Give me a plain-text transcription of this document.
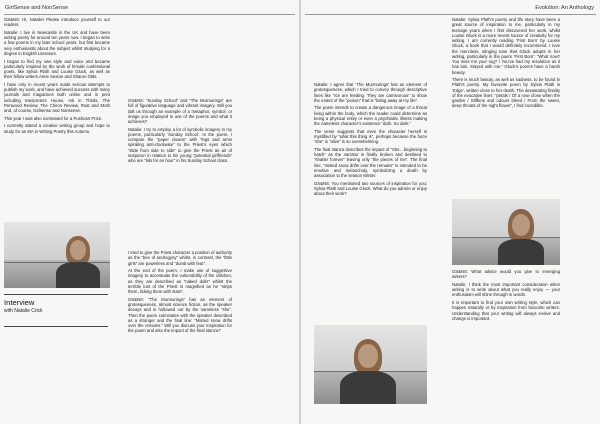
GirlSense and NonSense

GS&NS: Hi, Natalie! Please introduce yourself to our readers.

Natalie: I live in Newcastle in the UK and have been writing poetry for around ten years now. I began to write a few poems in my later school years, but first became very enthusiastic about the subject whilst studying for a degree in English Literature.

I began to find my own style and voice and became particularly inspired by the work of female confessional poets, like Sylvia Plath and Louise Gluck, as well as their fellow writers Anne Sexton and Sharon Olds.

I have only in recent years made serious attempts to publish my work, and have achieved success with many journals and magazines both online and in print including Interpreters House, Ink in Thirds, The Penwood Review, The Chiron Review, Rust and Moth and, of course, Girlsense and Nonsense.

This year I was also nominated for a Pushcart Prize.

I currently attend a creative writing group and hope to study for an MA in Writing Poetry this Autumn.

Interview
with Natalie Crick

GS&NS: “Sunday School” and “The Murmurings” are full of figurative language and vibrant imagery. Will you talk us through an example of a metaphor, symbol, or image you employed in one of the poems and what it achieves?

Natalie: I try to employ a lot of symbolic imagery in my poems, particularly ‘Sunday School’. In the poem, I compare the “paper clowns” with “legs and arms spiraling anti-clockwise” to the Priest’s eyes which “slide from side to side” to give the Priest an air of suspicion in relation to his young “potential girlfriends” who are “lids for an hour” in his Sunday School class.

I tried to give the Priest character a position of authority as the “bee of androgyny” whilst, in contrast, the “little girls” are powerless and “dumb with fear”.

At the end of the poem, I make use of suggestive imagery to accentuate the vulnerability of the children, as they are described as “naked dolls” whilst the terrible lust of the Priest is magnified as he “strips them, licking them with stars”.

GS&NS: “The Murmurings” has an element of grotesqueness, almost science fiction, as the speaker decays and is hollowed out by the nameless “she”. Then the poem culminates with the speaker described as a stranger and the final line: “Misted snow drifts over the remains.” Will you discuss your inspiration for the poem and also the impact of the final stanza?

Evolution: An Anthology

Natalie: I agree that ‘The Murmurings’ has an element of grotesqueness, which I tried to convey through descriptive lines like “Ice are feeding. They are carnivorous” to show the extent of the “poison” that is “biting away at my life”.

The poem intends to create a dangerous image of a threat living within the body, which the reader could determine as being a physical entity or even a psychiatric illness making the nameless character’s existence “dark. So dark.”

The verse suggests that even the character herself is mystified by “what this thing is”, perhaps because the force “she” is “alive” is so overwhelming.

The final stanza describes the impact of “She…beginning to hatch” as the narrator is finally broken and destined to “shatter forever” leaving only “the pieces of me”. The final line, “misted snow drifts over the remains” is intended to be emotive and melancholy, symbolizing a death by association to the season Winter.

GS&NS: You mentioned two sources of inspiration for you: Sylvia Plath and Louise Gluck. What do you admire or enjoy about their work?

Natalie: Sylvia Plath’s poetry and life story have been a great source of inspiration to me, particularly in my teenage years when I first discovered her work, whilst Louise Gluck is a more recent source of creativity for my writing. I am currently reading ‘First Born’ by Louise Gluck, a book that I would definitely recommend. I love the merciless, stinging tone that Gluck adopts in her writing, particularly in the poem ‘First Born’: “What now? You miss me your rug? / You’ve had my resolution as it has lain. Stayed with me.” Gluck’s poems have a harsh beauty.

There is much beauty, as well as sadness, to be found in Plath’s poetry. My favourite poem by Sylvia Plath is ‘Edge’, written close to her death. The devastating finality of the evocative lines: “petals / Of a rose close when the garden / Stiffens and odours bleed / From the sweet, deep throats of the night flower”, I find incredible.

GS&NS: What advice would you give to emerging writers?

Natalie: I think the most important consideration when writing is to write about what you really enjoy — your enthusiasm will shine through in words.

It is important to find your own writing style, which can happen naturally or by inspiration from favourite writers. Understanding that your writing will always evolve and change is important.
